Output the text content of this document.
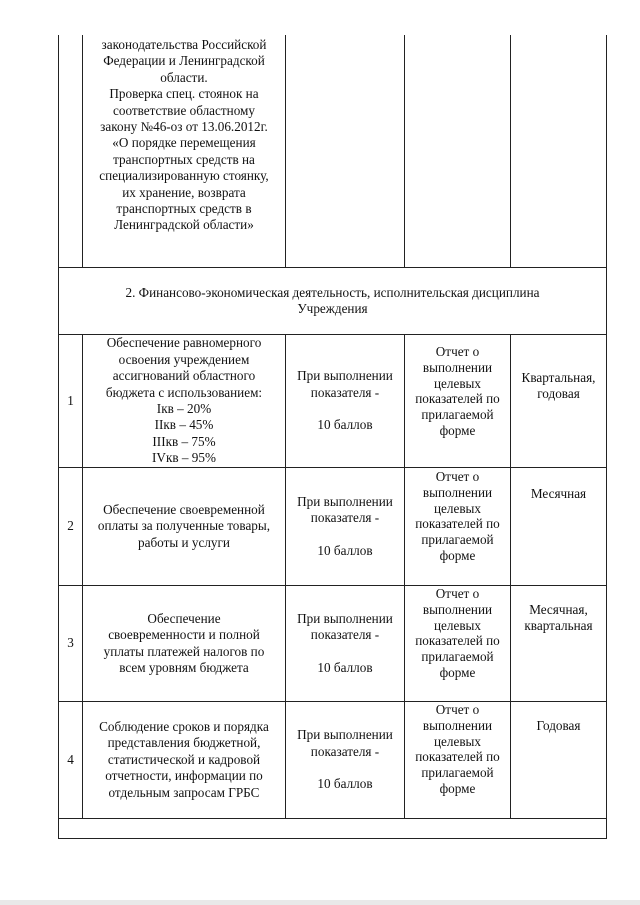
законодательства Российской
Федерации и Ленинградской
области.
Проверка спец. стоянок на
соответствие областному
закону №46-оз от 13.06.2012г.
«О порядке перемещения
транспортных средств на
специализированную стоянку,
их хранение, возврата
транспортных средств в
Ленинградской области»
2. Финансово-экономическая деятельность, исполнительская дисциплина
Учреждения
1
Обеспечение равномерного
освоения учреждением
ассигнований областного
бюджета с использованием:
Iкв – 20%
IIкв – 45%
IIIкв – 75%
IVкв – 95%
При выполнении
показателя -

10 баллов
Отчет о
выполнении
целевых
показателей по
прилагаемой
форме
Квартальная,
годовая
2
Обеспечение своевременной
оплаты за полученные товары,
работы и услуги
При выполнении
показателя -

10 баллов
Отчет о
выполнении
целевых
показателей по
прилагаемой
форме
Месячная
3
Обеспечение
своевременности и полной
уплаты платежей налогов по
всем уровням бюджета
При выполнении
показателя -

10 баллов
Отчет о
выполнении
целевых
показателей по
прилагаемой
форме
Месячная,
квартальная
4
Соблюдение сроков и порядка
представления бюджетной,
статистической и кадровой
отчетности, информации по
отдельным запросам ГРБС
При выполнении
показателя -

10 баллов
Отчет о
выполнении
целевых
показателей по
прилагаемой
форме
Годовая
